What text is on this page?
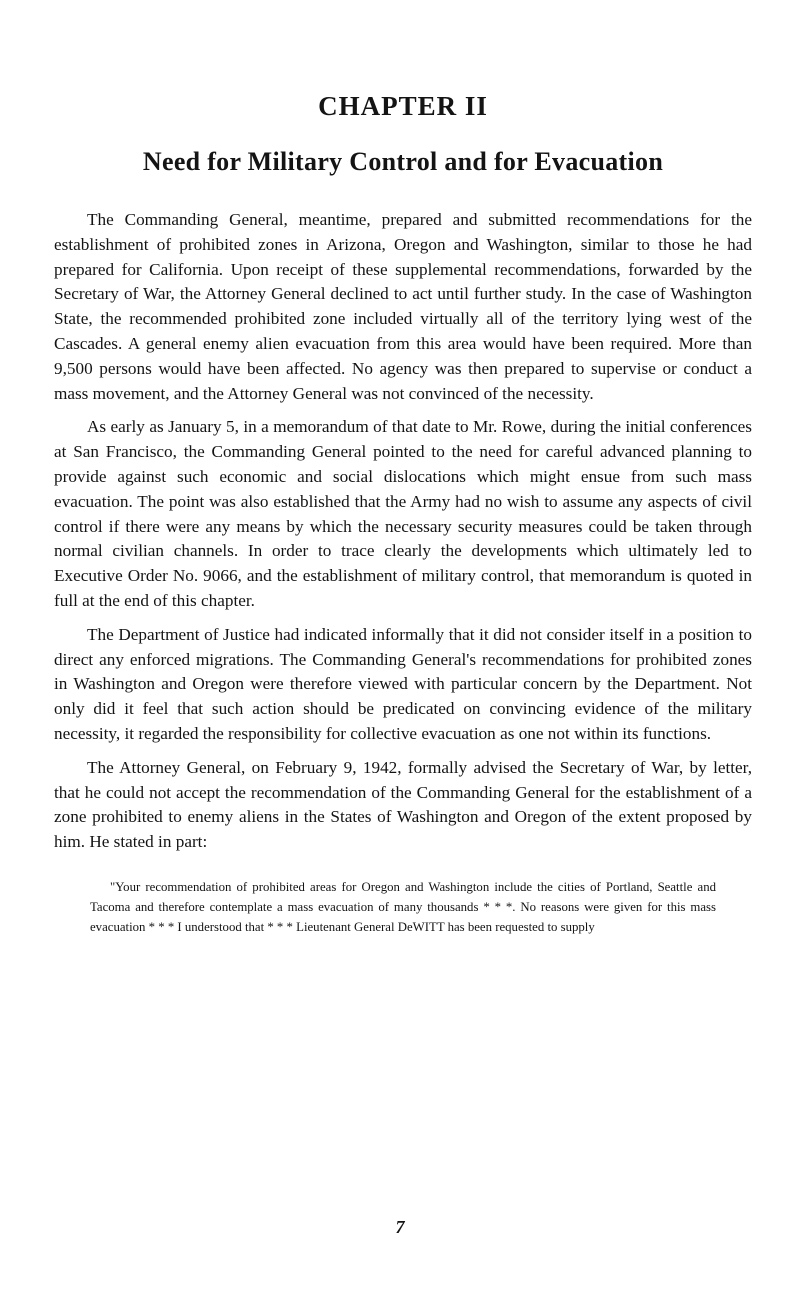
CHAPTER II
Need for Military Control and for Evacuation

The Commanding General, meantime, prepared and submitted recommendations for the establishment of prohibited zones in Arizona, Oregon and Washington, similar to those he had prepared for California. Upon receipt of these supplemental recommendations, forwarded by the Secretary of War, the Attorney General declined to act until further study. In the case of Washington State, the recommended prohibited zone included virtually all of the territory lying west of the Cascades. A general enemy alien evacuation from this area would have been required. More than 9,500 persons would have been affected. No agency was then prepared to supervise or conduct a mass movement, and the Attorney General was not convinced of the necessity.

As early as January 5, in a memorandum of that date to Mr. Rowe, during the initial conferences at San Francisco, the Commanding General pointed to the need for careful advanced planning to provide against such economic and social dislocations which might ensue from such mass evacuation. The point was also established that the Army had no wish to assume any aspects of civil control if there were any means by which the necessary security measures could be taken through normal civilian channels. In order to trace clearly the developments which ultimately led to Executive Order No. 9066, and the establishment of military control, that memorandum is quoted in full at the end of this chapter.

The Department of Justice had indicated informally that it did not consider itself in a position to direct any enforced migrations. The Commanding General's recommendations for prohibited zones in Washington and Oregon were therefore viewed with particular concern by the Department. Not only did it feel that such action should be predicated on convincing evidence of the military necessity, it regarded the responsibility for collective evacuation as one not within its functions.

The Attorney General, on February 9, 1942, formally advised the Secretary of War, by letter, that he could not accept the recommendation of the Commanding General for the establishment of a zone prohibited to enemy aliens in the States of Washington and Oregon of the extent proposed by him. He stated in part:

"Your recommendation of prohibited areas for Oregon and Washington include the cities of Portland, Seattle and Tacoma and therefore contemplate a mass evacuation of many thousands * * *. No reasons were given for this mass evacuation * * * I understood that * * * Lieutenant General DeWITT has been requested to supply

7
